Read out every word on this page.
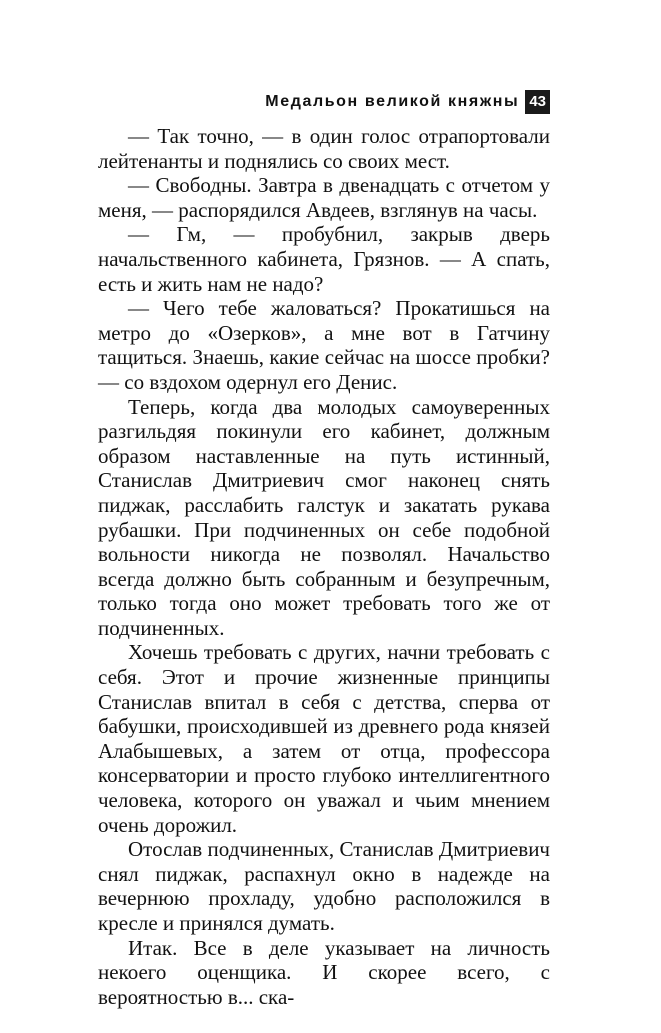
Медальон великой княжны 43

— Так точно, — в один голос отрапортовали лейтенанты и поднялись со своих мест.

— Свободны. Завтра в двенадцать с отчетом у меня, — распорядился Авдеев, взглянув на часы.

— Гм, — пробубнил, закрыв дверь начальственного кабинета, Грязнов. — А спать, есть и жить нам не надо?

— Чего тебе жаловаться? Прокатишься на метро до «Озерков», а мне вот в Гатчину тащиться. Знаешь, какие сейчас на шоссе пробки? — со вздохом одернул его Денис.

Теперь, когда два молодых самоуверенных разгильдяя покинули его кабинет, должным образом наставленные на путь истинный, Станислав Дмитриевич смог наконец снять пиджак, расслабить галстук и закатать рукава рубашки. При подчиненных он себе подобной вольности никогда не позволял. Начальство всегда должно быть собранным и безупречным, только тогда оно может требовать того же от подчиненных.

Хочешь требовать с других, начни требовать с себя. Этот и прочие жизненные принципы Станислав впитал в себя с детства, сперва от бабушки, происходившей из древнего рода князей Алабышевых, а затем от отца, профессора консерватории и просто глубоко интеллигентного человека, которого он уважал и чьим мнением очень дорожил.

Отослав подчиненных, Станислав Дмитриевич снял пиджак, распахнул окно в надежде на вечернюю прохладу, удобно расположился в кресле и принялся думать.

Итак. Все в деле указывает на личность некоего оценщика. И скорее всего, с вероятностью в... ска-
